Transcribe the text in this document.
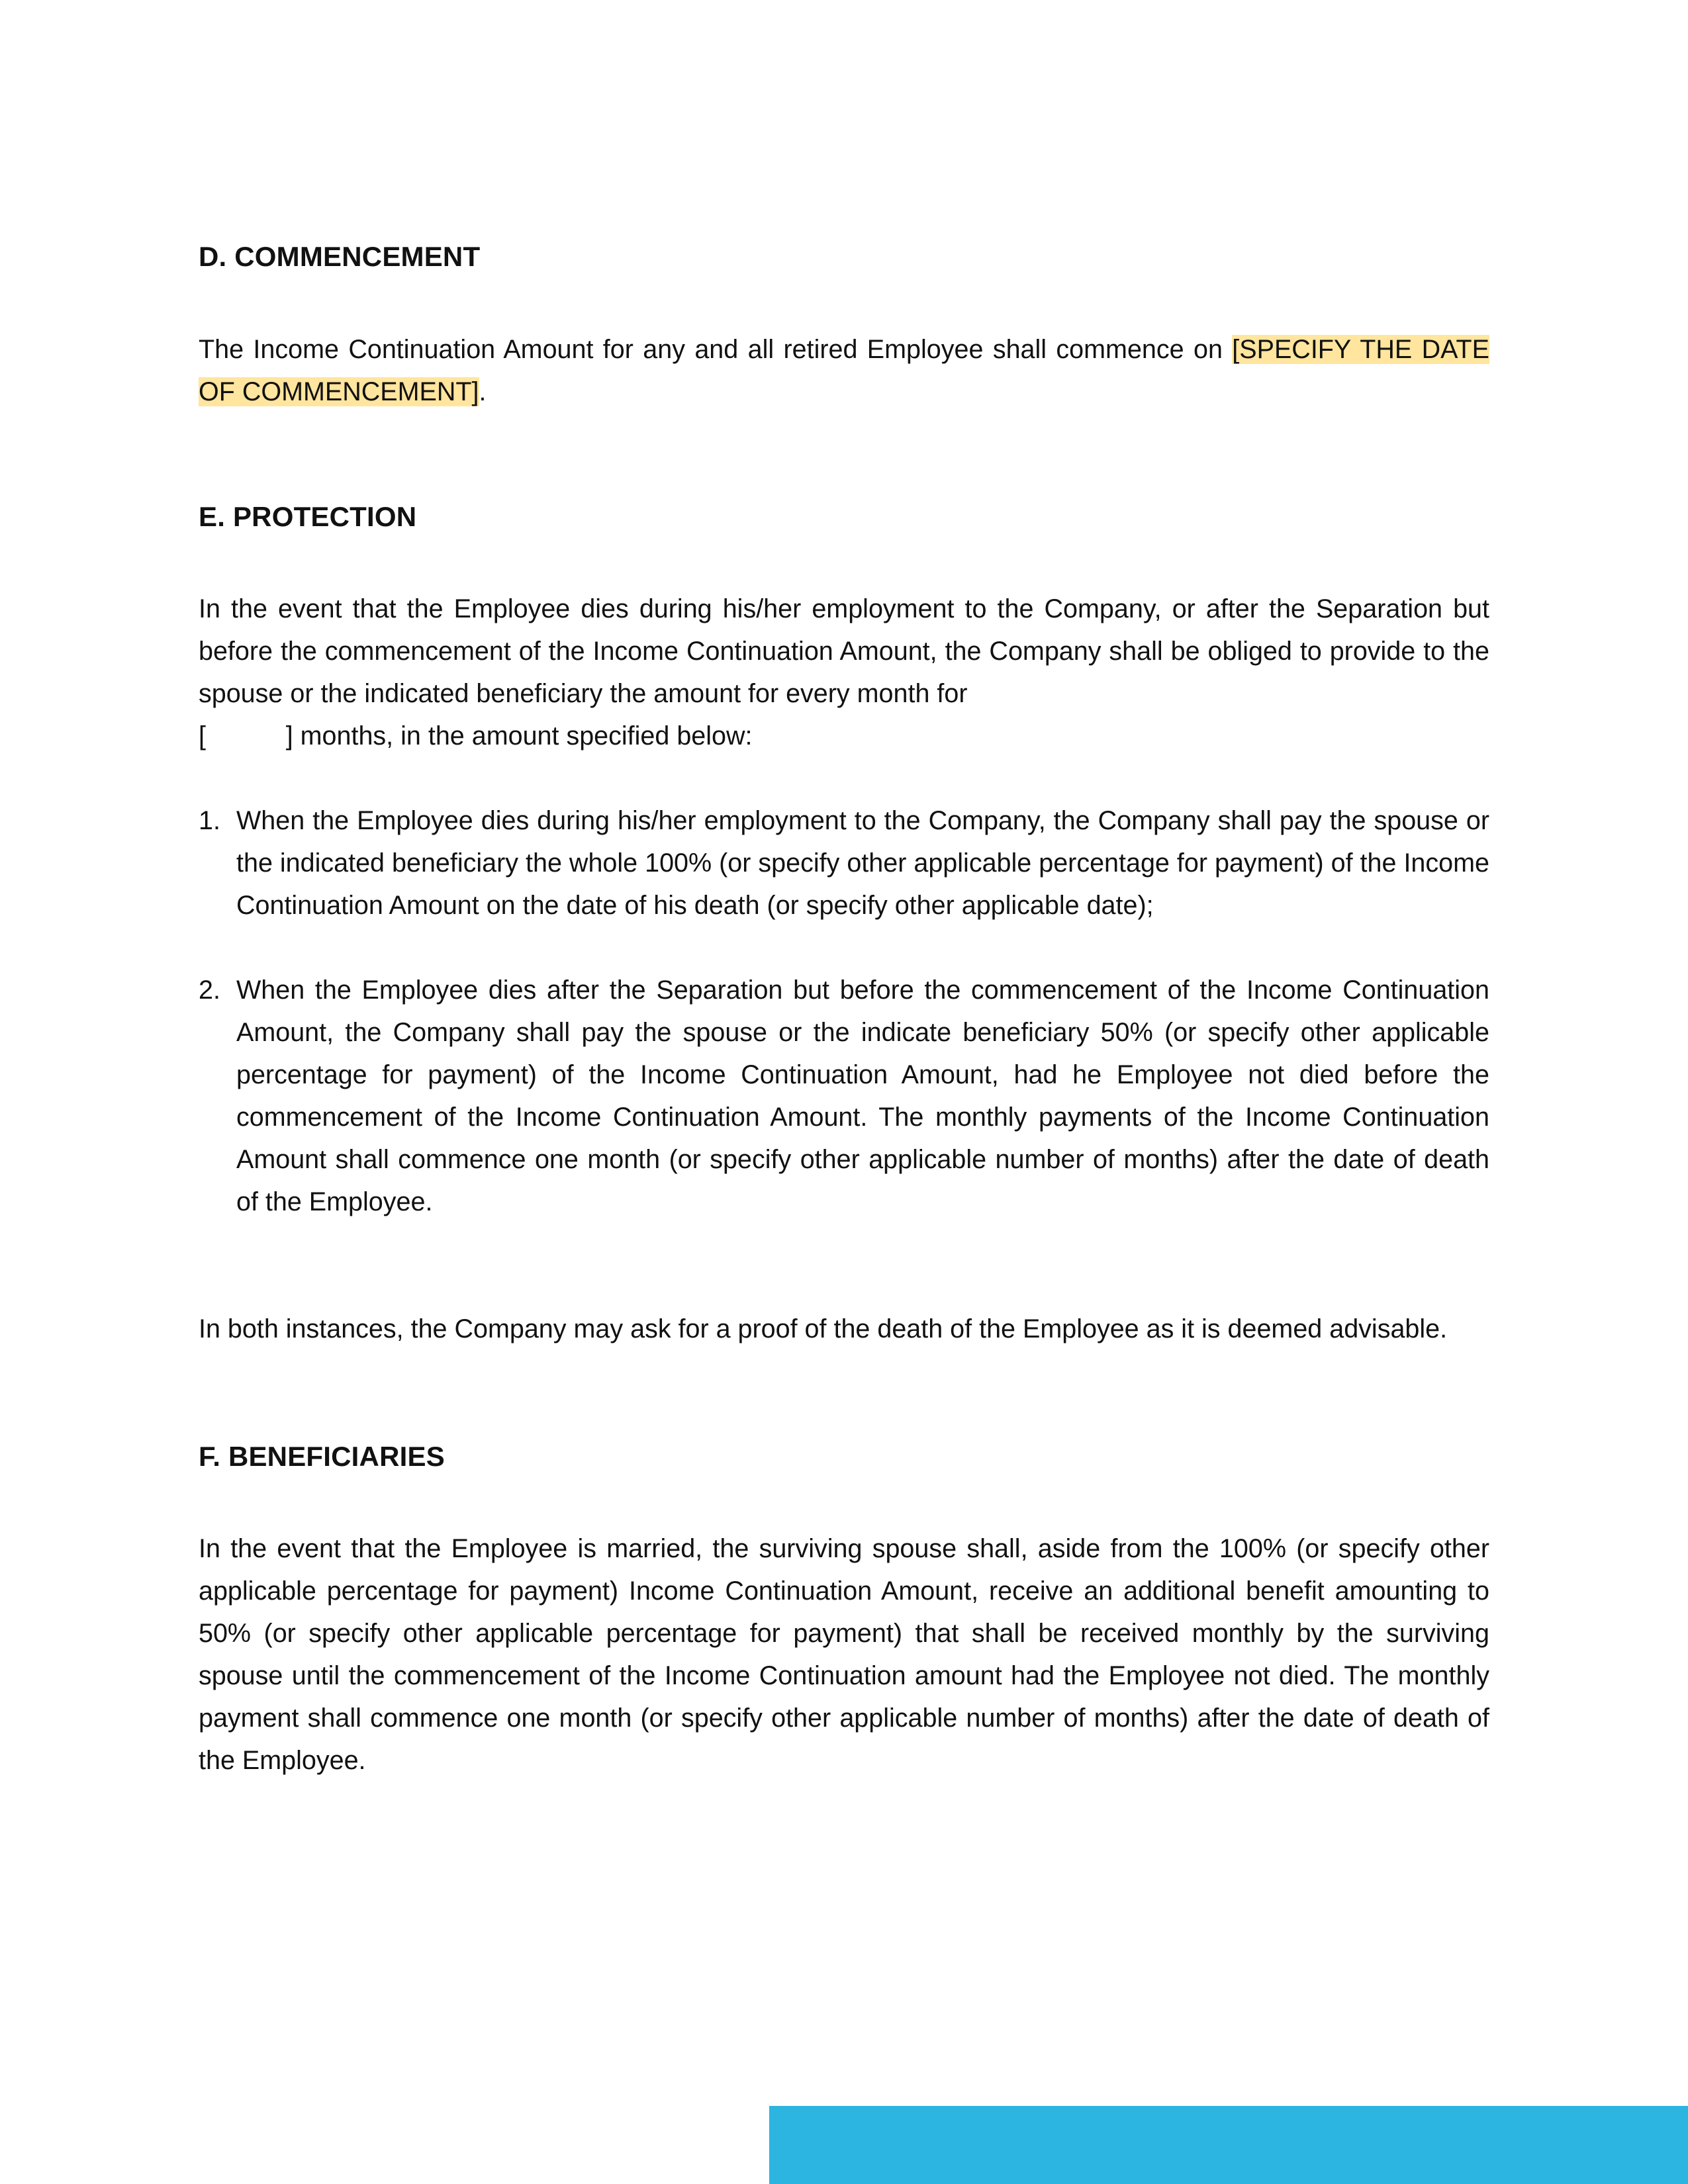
D. COMMENCEMENT
The Income Continuation Amount for any and all retired Employee shall commence on [SPECIFY THE DATE OF COMMENCEMENT].
E. PROTECTION
In the event that the Employee dies during his/her employment to the Company, or after the Separation but before the commencement of the Income Continuation Amount, the Company shall be obliged to provide to the spouse or the indicated beneficiary the amount for every month for
[           ] months, in the amount specified below:
1. When the Employee dies during his/her employment to the Company, the Company shall pay the spouse or the indicated beneficiary the whole 100% (or specify other applicable percentage for payment) of the Income Continuation Amount on the date of his death (or specify other applicable date);
2. When the Employee dies after the Separation but before the commencement of the Income Continuation Amount, the Company shall pay the spouse or the indicate beneficiary 50% (or specify other applicable percentage for payment) of the Income Continuation Amount, had he Employee not died before the commencement of the Income Continuation Amount. The monthly payments of the Income Continuation Amount shall commence one month (or specify other applicable number of months) after the date of death of the Employee.
In both instances, the Company may ask for a proof of the death of the Employee as it is deemed advisable.
F. BENEFICIARIES
In the event that the Employee is married, the surviving spouse shall, aside from the 100% (or specify other applicable percentage for payment) Income Continuation Amount, receive an additional benefit amounting to 50% (or specify other applicable percentage for payment) that shall be received monthly by the surviving spouse until the commencement of the Income Continuation amount had the Employee not died. The monthly payment shall commence one month (or specify other applicable number of months) after the date of death of the Employee.
